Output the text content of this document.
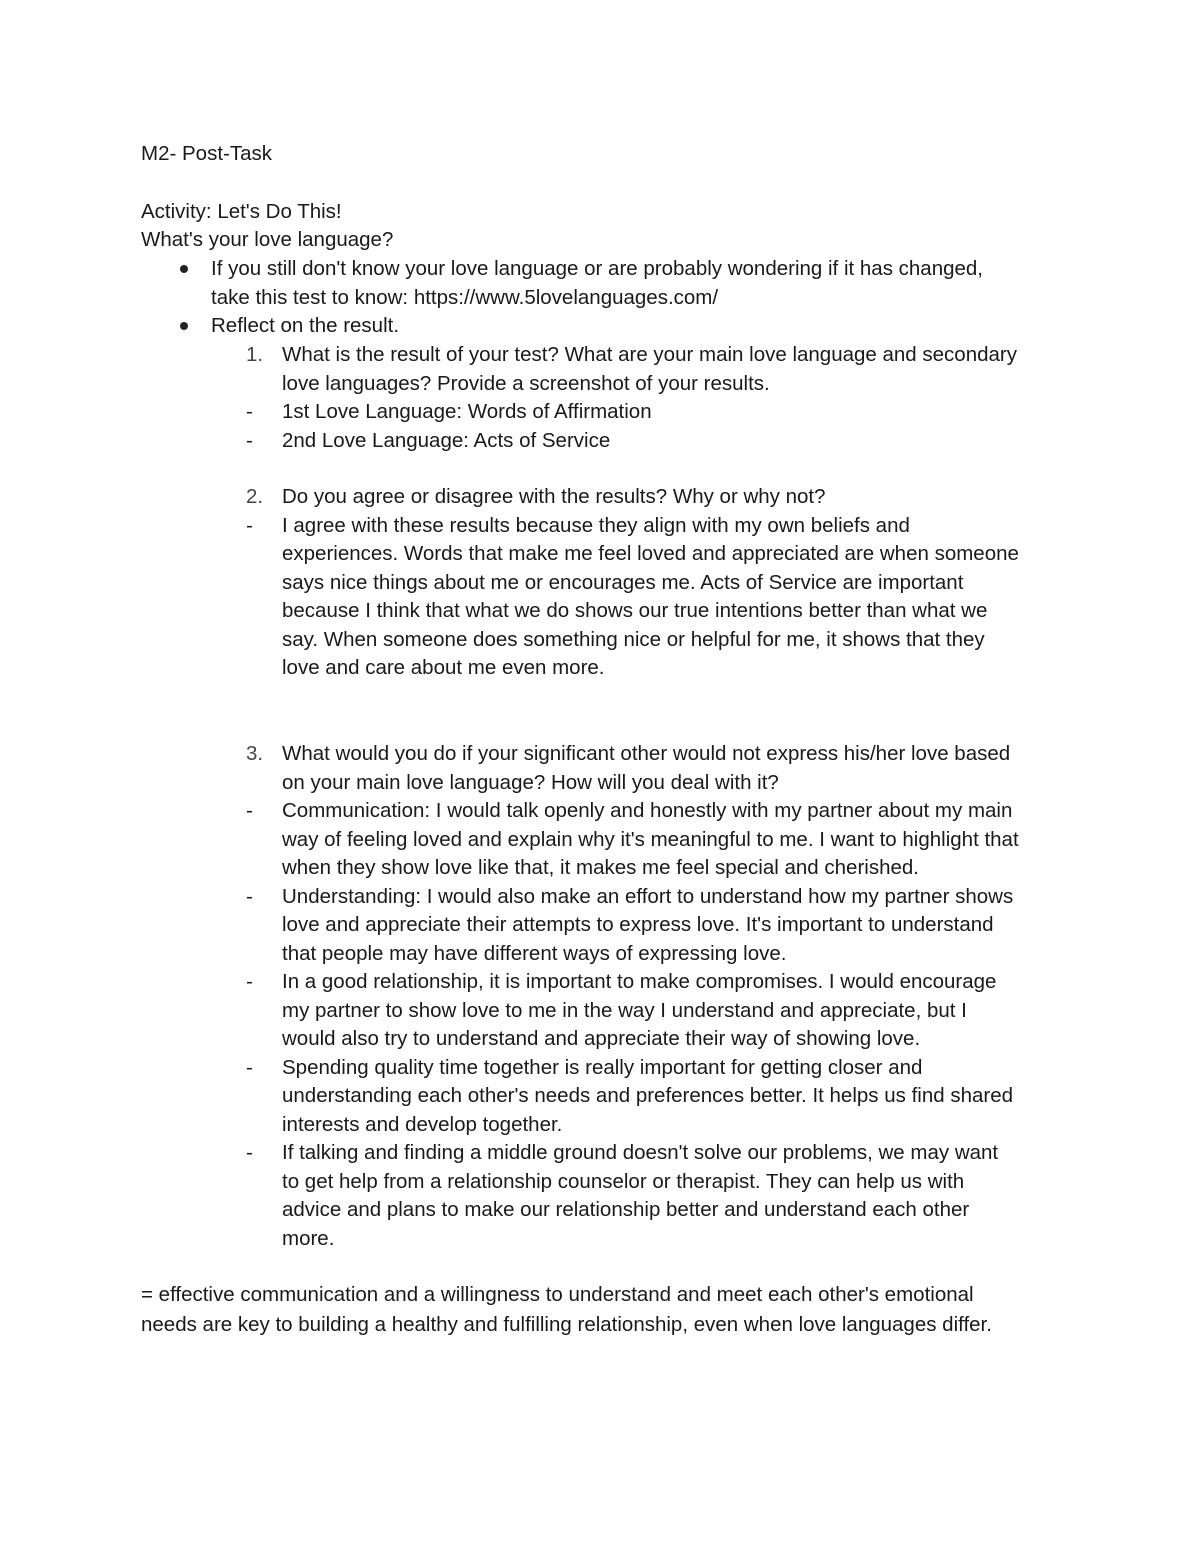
M2- Post-Task
Activity: Let's Do This!
What's your love language?
If you still don't know your love language or are probably wondering if it has changed,
take this test to know: https://www.5lovelanguages.com/
Reflect on the result.
1. What is the result of your test? What are your main love language and secondary
love languages? Provide a screenshot of your results.
- 1st Love Language: Words of Affirmation
- 2nd Love Language: Acts of Service
2. Do you agree or disagree with the results? Why or why not?
- I agree with these results because they align with my own beliefs and
experiences. Words that make me feel loved and appreciated are when someone
says nice things about me or encourages me. Acts of Service are important
because I think that what we do shows our true intentions better than what we
say. When someone does something nice or helpful for me, it shows that they
love and care about me even more.
3. What would you do if your significant other would not express his/her love based
on your main love language? How will you deal with it?
- Communication: I would talk openly and honestly with my partner about my main
way of feeling loved and explain why it's meaningful to me. I want to highlight that
when they show love like that, it makes me feel special and cherished.
- Understanding: I would also make an effort to understand how my partner shows
love and appreciate their attempts to express love. It's important to understand
that people may have different ways of expressing love.
- In a good relationship, it is important to make compromises. I would encourage
my partner to show love to me in the way I understand and appreciate, but I
would also try to understand and appreciate their way of showing love.
- Spending quality time together is really important for getting closer and
understanding each other's needs and preferences better. It helps us find shared
interests and develop together.
- If talking and finding a middle ground doesn't solve our problems, we may want
to get help from a relationship counselor or therapist. They can help us with
advice and plans to make our relationship better and understand each other
more.
= effective communication and a willingness to understand and meet each other's emotional
needs are key to building a healthy and fulfilling relationship, even when love languages differ.
